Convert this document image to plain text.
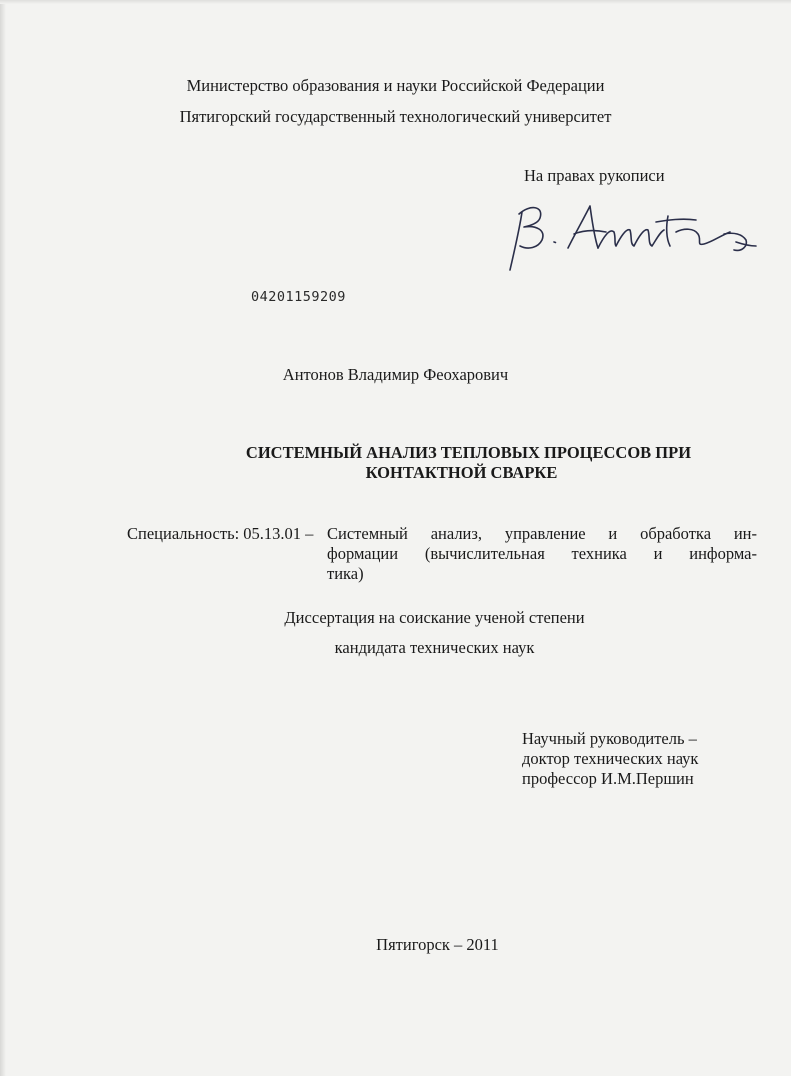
Министерство образования и науки Российской Федерации
Пятигорский государственный технологический университет
На правах рукописи
04201159209
Антонов Владимир Феохарович
СИСТЕМНЫЙ АНАЛИЗ ТЕПЛОВЫХ ПРОЦЕССОВ ПРИ
КОНТАКТНОЙ СВАРКЕ
Специальность: 05.13.01 – Системный анализ, управление и обработка ин-
формации (вычислительная техника и информа-
тика)
Диссертация на соискание ученой степени
кандидата технических наук
Научный руководитель –
доктор технических наук
профессор И.М.Першин
Пятигорск – 2011
